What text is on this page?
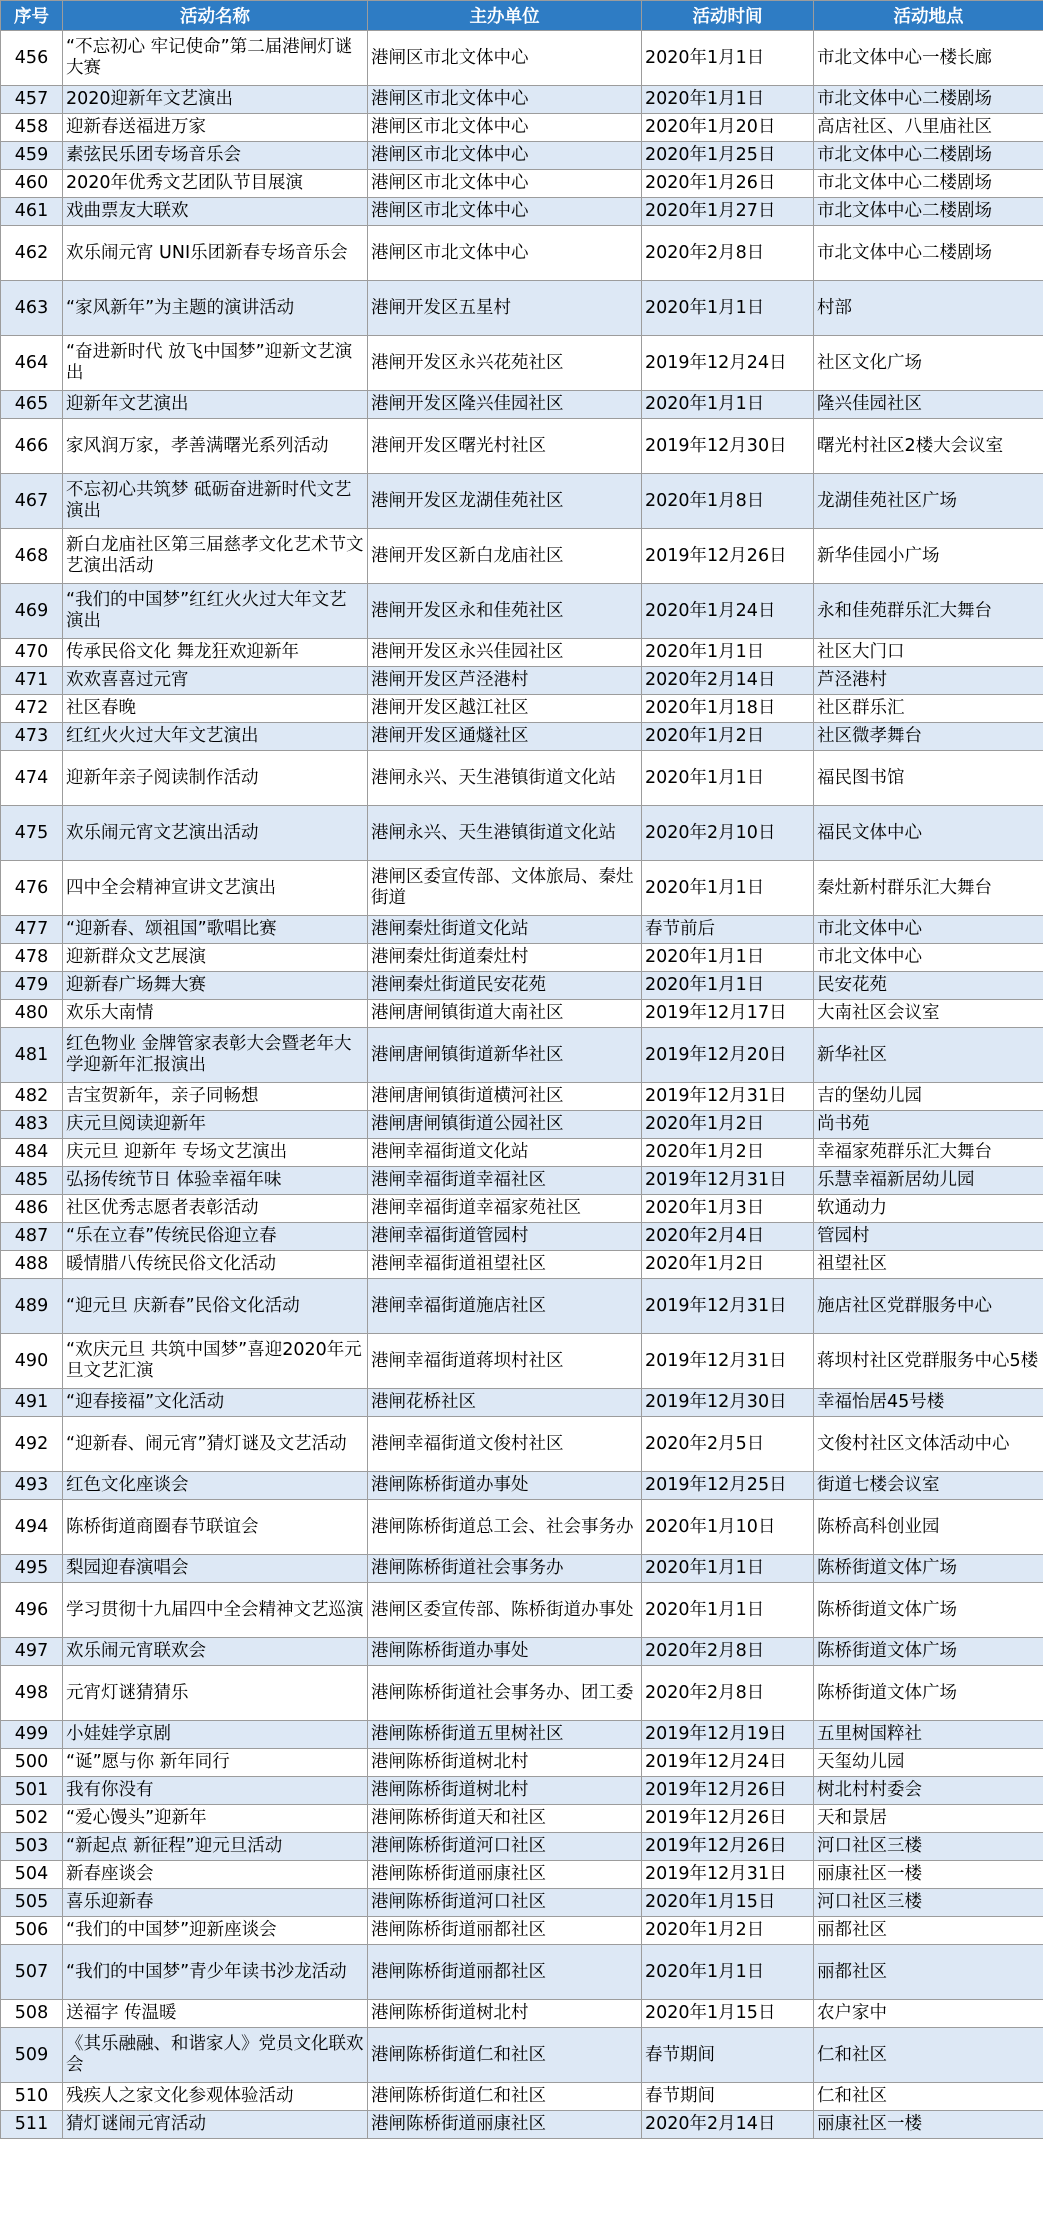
序号	活动名称	主办单位	活动时间	活动地点
456	“不忘初心 牢记使命”第二届港闸灯谜大赛	港闸区市北文体中心	2020年1月1日	市北文体中心一楼长廊
457	2020迎新年文艺演出	港闸区市北文体中心	2020年1月1日	市北文体中心二楼剧场
458	迎新春送福进万家	港闸区市北文体中心	2020年1月20日	高店社区、八里庙社区
459	素弦民乐团专场音乐会	港闸区市北文体中心	2020年1月25日	市北文体中心二楼剧场
460	2020年优秀文艺团队节目展演	港闸区市北文体中心	2020年1月26日	市北文体中心二楼剧场
461	戏曲票友大联欢	港闸区市北文体中心	2020年1月27日	市北文体中心二楼剧场
462	欢乐闹元宵 UNI乐团新春专场音乐会	港闸区市北文体中心	2020年2月8日	市北文体中心二楼剧场
463	“家风新年”为主题的演讲活动	港闸开发区五星村	2020年1月1日	村部
464	“奋进新时代 放飞中国梦”迎新文艺演出	港闸开发区永兴花苑社区	2019年12月24日	社区文化广场
465	迎新年文艺演出	港闸开发区隆兴佳园社区	2020年1月1日	隆兴佳园社区
466	家风润万家，孝善满曙光系列活动	港闸开发区曙光村社区	2019年12月30日	曙光村社区2楼大会议室
467	不忘初心共筑梦 砥砺奋进新时代文艺演出	港闸开发区龙湖佳苑社区	2020年1月8日	龙湖佳苑社区广场
468	新白龙庙社区第三届慈孝文化艺术节文艺演出活动	港闸开发区新白龙庙社区	2019年12月26日	新华佳园小广场
469	“我们的中国梦”红红火火过大年文艺演出	港闸开发区永和佳苑社区	2020年1月24日	永和佳苑群乐汇大舞台
470	传承民俗文化 舞龙狂欢迎新年	港闸开发区永兴佳园社区	2020年1月1日	社区大门口
471	欢欢喜喜过元宵	港闸开发区芦泾港村	2020年2月14日	芦泾港村
472	社区春晚	港闸开发区越江社区	2020年1月18日	社区群乐汇
473	红红火火过大年文艺演出	港闸开发区通燧社区	2020年1月2日	社区微孝舞台
474	迎新年亲子阅读制作活动	港闸永兴、天生港镇街道文化站	2020年1月1日	福民图书馆
475	欢乐闹元宵文艺演出活动	港闸永兴、天生港镇街道文化站	2020年2月10日	福民文体中心
476	四中全会精神宣讲文艺演出	港闸区委宣传部、文体旅局、秦灶街道	2020年1月1日	秦灶新村群乐汇大舞台
477	“迎新春、颂祖国”歌唱比赛	港闸秦灶街道文化站	春节前后	市北文体中心
478	迎新群众文艺展演	港闸秦灶街道秦灶村	2020年1月1日	市北文体中心
479	迎新春广场舞大赛	港闸秦灶街道民安花苑	2020年1月1日	民安花苑
480	欢乐大南情	港闸唐闸镇街道大南社区	2019年12月17日	大南社区会议室
481	红色物业 金牌管家表彰大会暨老年大学迎新年汇报演出	港闸唐闸镇街道新华社区	2019年12月20日	新华社区
482	吉宝贺新年，亲子同畅想	港闸唐闸镇街道横河社区	2019年12月31日	吉的堡幼儿园
483	庆元旦阅读迎新年	港闸唐闸镇街道公园社区	2020年1月2日	尚书苑
484	庆元旦 迎新年 专场文艺演出	港闸幸福街道文化站	2020年1月2日	幸福家苑群乐汇大舞台
485	弘扬传统节日 体验幸福年味	港闸幸福街道幸福社区	2019年12月31日	乐慧幸福新居幼儿园
486	社区优秀志愿者表彰活动	港闸幸福街道幸福家苑社区	2020年1月3日	软通动力
487	“乐在立春”传统民俗迎立春	港闸幸福街道管园村	2020年2月4日	管园村
488	暖情腊八传统民俗文化活动	港闸幸福街道祖望社区	2020年1月2日	祖望社区
489	“迎元旦 庆新春”民俗文化活动	港闸幸福街道施店社区	2019年12月31日	施店社区党群服务中心
490	“欢庆元旦 共筑中国梦”喜迎2020年元旦文艺汇演	港闸幸福街道蒋坝村社区	2019年12月31日	蒋坝村社区党群服务中心5楼
491	“迎春接福”文化活动	港闸花桥社区	2019年12月30日	幸福怡居45号楼
492	“迎新春、闹元宵”猜灯谜及文艺活动	港闸幸福街道文俊村社区	2020年2月5日	文俊村社区文体活动中心
493	红色文化座谈会	港闸陈桥街道办事处	2019年12月25日	街道七楼会议室
494	陈桥街道商圈春节联谊会	港闸陈桥街道总工会、社会事务办	2020年1月10日	陈桥高科创业园
495	梨园迎春演唱会	港闸陈桥街道社会事务办	2020年1月1日	陈桥街道文体广场
496	学习贯彻十九届四中全会精神文艺巡演	港闸区委宣传部、陈桥街道办事处	2020年1月1日	陈桥街道文体广场
497	欢乐闹元宵联欢会	港闸陈桥街道办事处	2020年2月8日	陈桥街道文体广场
498	元宵灯谜猜猜乐	港闸陈桥街道社会事务办、团工委	2020年2月8日	陈桥街道文体广场
499	小娃娃学京剧	港闸陈桥街道五里树社区	2019年12月19日	五里树国粹社
500	“诞”愿与你 新年同行	港闸陈桥街道树北村	2019年12月24日	天玺幼儿园
501	我有你没有	港闸陈桥街道树北村	2019年12月26日	树北村村委会
502	“爱心馒头”迎新年	港闸陈桥街道天和社区	2019年12月26日	天和景居
503	“新起点 新征程”迎元旦活动	港闸陈桥街道河口社区	2019年12月26日	河口社区三楼
504	新春座谈会	港闸陈桥街道丽康社区	2019年12月31日	丽康社区一楼
505	喜乐迎新春	港闸陈桥街道河口社区	2020年1月15日	河口社区三楼
506	“我们的中国梦”迎新座谈会	港闸陈桥街道丽都社区	2020年1月2日	丽都社区
507	“我们的中国梦”青少年读书沙龙活动	港闸陈桥街道丽都社区	2020年1月1日	丽都社区
508	送福字 传温暖	港闸陈桥街道树北村	2020年1月15日	农户家中
509	《其乐融融、和谐家人》党员文化联欢会	港闸陈桥街道仁和社区	春节期间	仁和社区
510	残疾人之家文化参观体验活动	港闸陈桥街道仁和社区	春节期间	仁和社区
511	猜灯谜闹元宵活动	港闸陈桥街道丽康社区	2020年2月14日	丽康社区一楼
